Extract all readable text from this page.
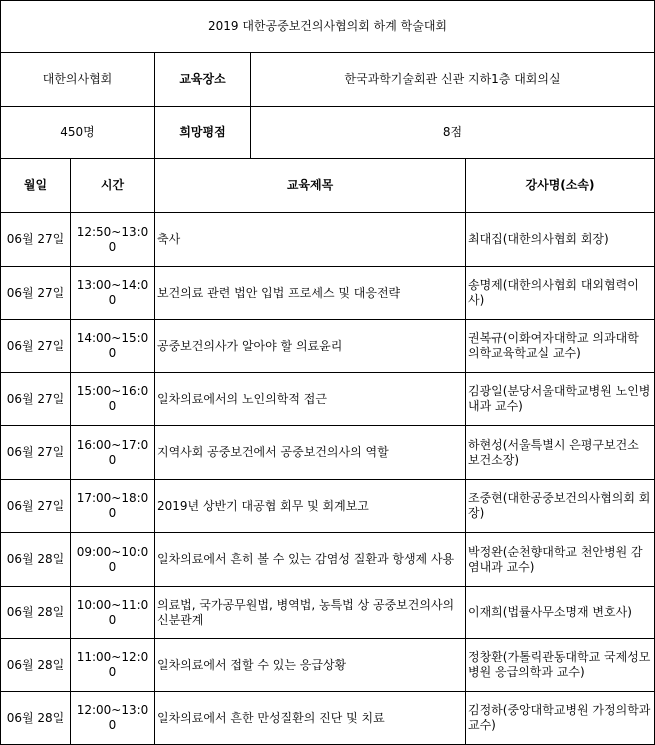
2019 대한공중보건의사협의회 하계 학술대회				
대한의사협회		교육장소	한국과학기술회관 신관 지하1층 대회의실	
450명		희망평점	8점	
월일	시간	교육제목		강사명(소속)
06월 27일	12:50~13:00	축사		최대집(대한의사협회 회장)
06월 27일	13:00~14:00	보건의료 관련 법안 입법 프로세스 및 대응전략		송명제(대한의사협회 대외협력이사)
06월 27일	14:00~15:00	공중보건의사가 알아야 할 의료윤리		권복규(이화여자대학교 의과대학 의학교육학교실 교수)
06월 27일	15:00~16:00	일차의료에서의 노인의학적 접근		김광일(분당서울대학교병원 노인병내과 교수)
06월 27일	16:00~17:00	지역사회 공중보건에서 공중보건의사의 역할		하현성(서울특별시 은평구보건소 보건소장)
06월 27일	17:00~18:00	2019년 상반기 대공협 회무 및 회계보고		조중현(대한공중보건의사협의회 회장)
06월 28일	09:00~10:00	일차의료에서 흔히 볼 수 있는 감염성 질환과 항생제 사용		박정완(순천향대학교 천안병원 감염내과 교수)
06월 28일	10:00~11:00	의료법, 국가공무원법, 병역법, 농특법 상 공중보건의사의 신분관계		이재희(법률사무소명재 변호사)
06월 28일	11:00~12:00	일차의료에서 접할 수 있는 응급상황		정창환(가톨릭관동대학교 국제성모병원 응급의학과 교수)
06월 28일	12:00~13:00	일차의료에서 흔한 만성질환의 진단 및 치료		김정하(중앙대학교병원 가정의학과 교수)
